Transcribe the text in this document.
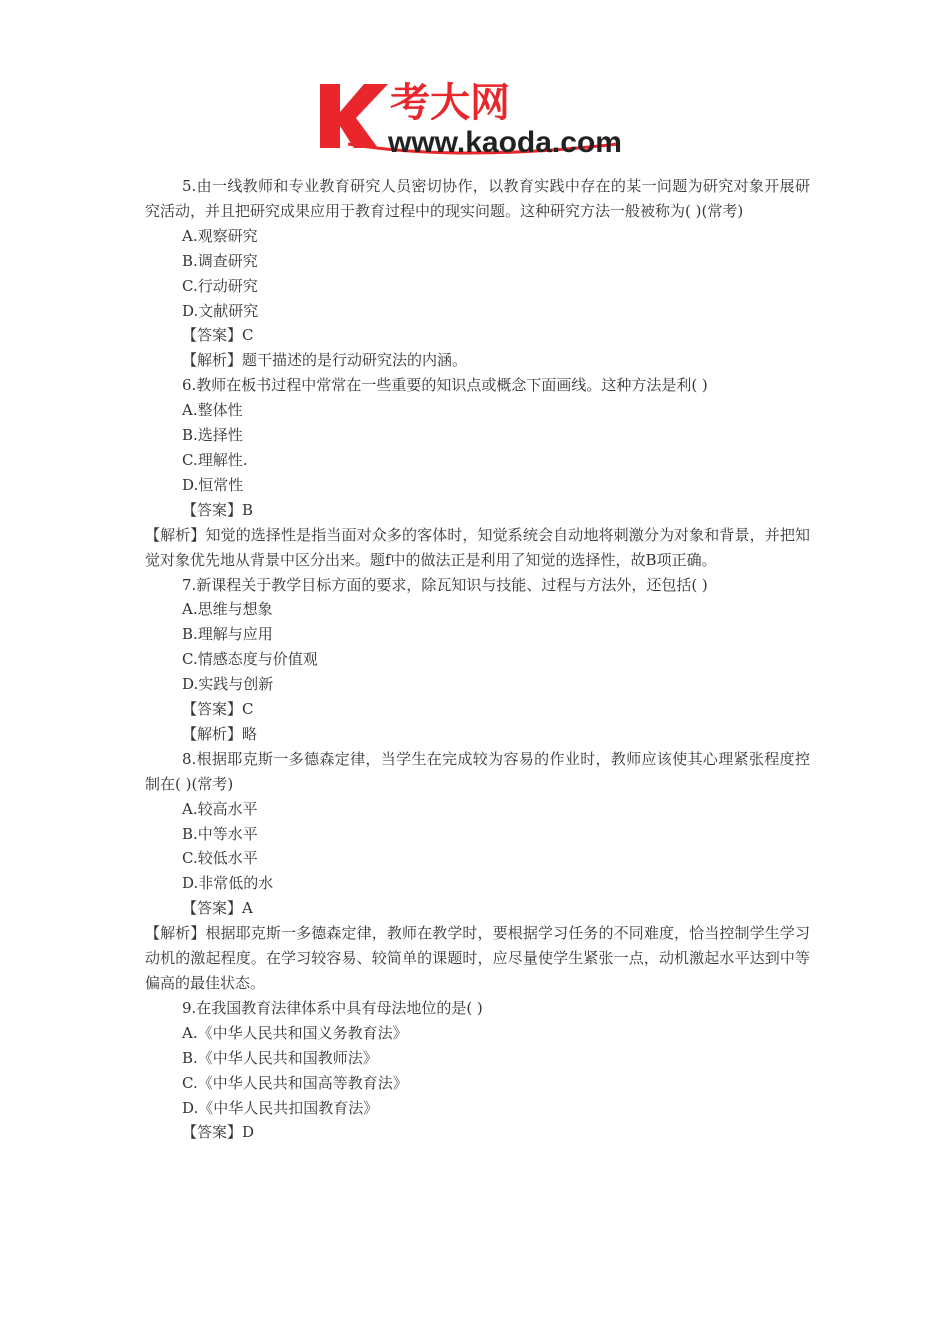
考大网
www.kaoda.com

5.由一线教师和专业教育研究人员密切协作，以教育实践中存在的某一问题为研究对象开展研究活动，并且把研究成果应用于教育过程中的现实问题。这种研究方法一般被称为( )(常考)

A.观察研究

B.调查研究

C.行动研究

D.文献研究

【答案】C

【解析】题干描述的是行动研究法的内涵。

6.教师在板书过程中常常在一些重要的知识点或概念下面画线。这种方法是利( )

A.整体性

B.选择性

C.理解性.

D.恒常性

【答案】B

【解析】知觉的选择性是指当面对众多的客体时，知觉系统会自动地将刺激分为对象和背景，并把知觉对象优先地从背景中区分出来。题f中的做法正是利用了知觉的选择性，故B项正确。

7.新课程关于教学目标方面的要求，除瓦知识与技能、过程与方法外，还包括( )

A.思维与想象

B.理解与应用

C.情感态度与价值观

D.实践与创新

【答案】C

【解析】略

8.根据耶克斯一多德森定律，当学生在完成较为容易的作业时，教师应该使其心理紧张程度控制在( )(常考)

A.较高水平

B.中等水平

C.较低水平

D.非常低的水

【答案】A

【解析】根据耶克斯一多德森定律，教师在教学时，要根据学习任务的不同难度，恰当控制学生学习动机的激起程度。在学习较容易、较简单的课题时，应尽量使学生紧张一点，动机激起水平达到中等偏高的最佳状态。

9.在我国教育法律体系中具有母法地位的是( )

A.《中华人民共和国义务教育法》

B.《中华人民共和国教师法》

C.《中华人民共和国高等教育法》

D.《中华人民共扣国教育法》

【答案】D
